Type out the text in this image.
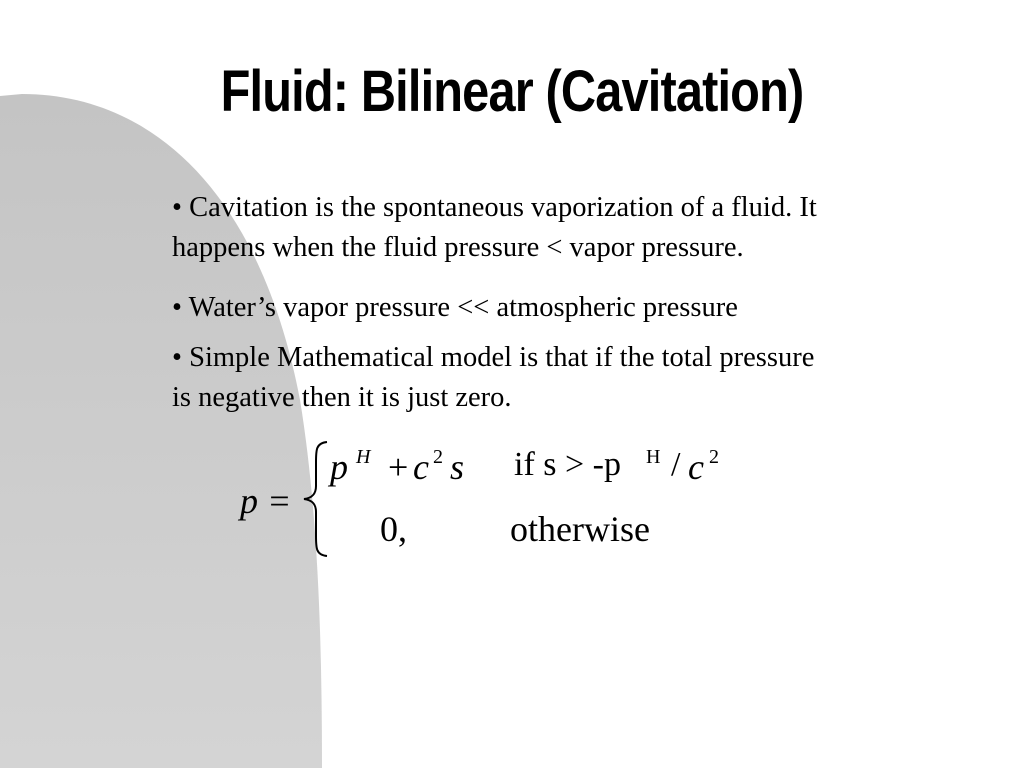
Fluid: Bilinear (Cavitation)
• Cavitation is the spontaneous vaporization of a fluid. It
happens when the fluid pressure < vapor pressure.
• Water’s vapor pressure << atmospheric pressure
• Simple Mathematical model is that if the total pressure
is negative then it is just zero.
p =
p H + c 2 s if s > -p H / c 2
0,	otherwise
